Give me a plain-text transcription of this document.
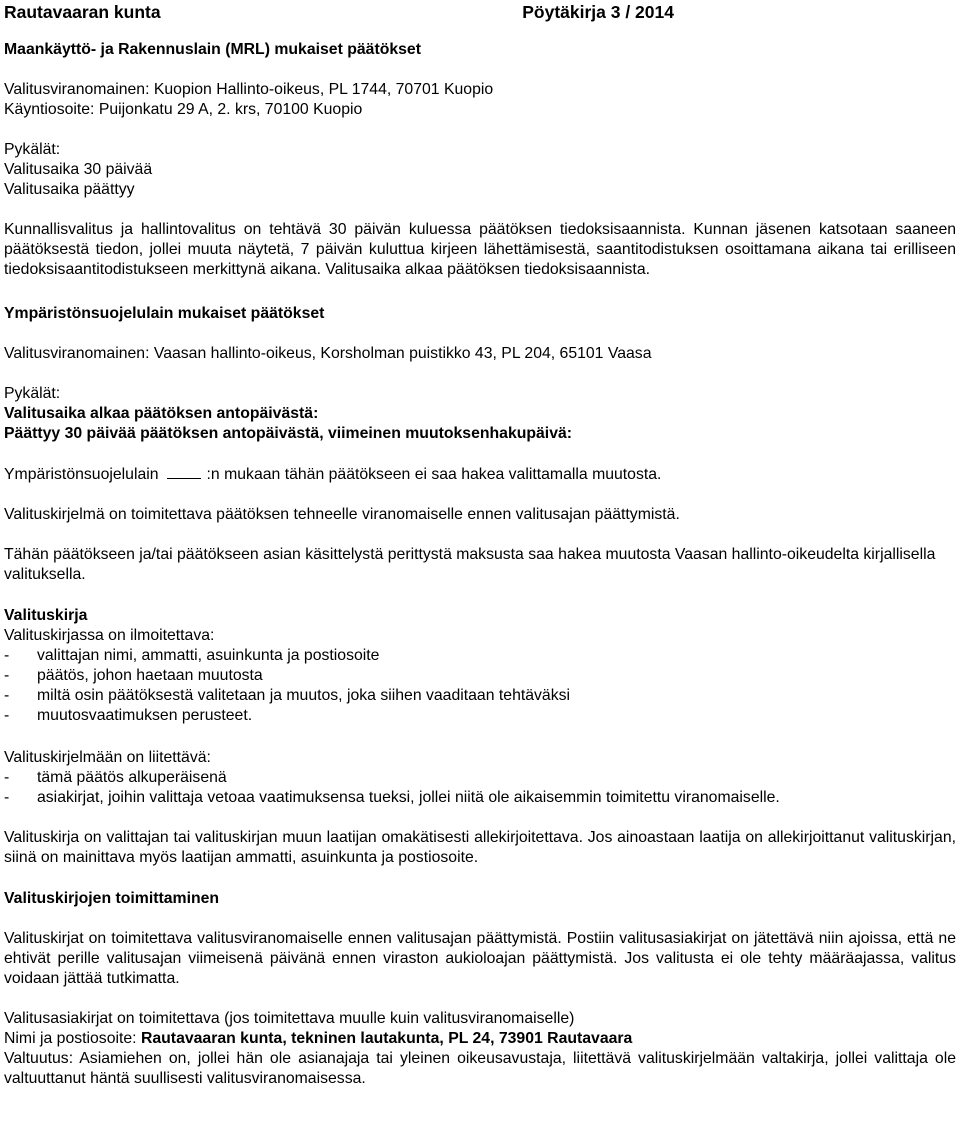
Rautavaaran kunta	Pöytäkirja 3 / 2014

Maankäyttö- ja Rakennuslain (MRL) mukaiset päätökset

Valitusviranomainen: Kuopion Hallinto-oikeus, PL 1744, 70701 Kuopio

Käyntiosoite: Puijonkatu 29 A, 2. krs, 70100 Kuopio

Pykälät:

Valitusaika 30 päivää

Valitusaika päättyy

Kunnallisvalitus ja hallintovalitus on tehtävä 30 päivän kuluessa päätöksen tiedoksisaannista. Kunnan jäsenen katsotaan saaneen päätöksestä tiedon, jollei muuta näytetä, 7 päivän kuluttua kirjeen lähettämisestä, saantitodistuksen osoittamana aikana tai erilliseen tiedoksisaantitodistukseen merkittynä aikana. Valitusaika alkaa päätöksen tiedoksisaannista.

Ympäristönsuojelulain mukaiset päätökset

Valitusviranomainen: Vaasan hallinto-oikeus, Korsholman puistikko 43, PL 204, 65101 Vaasa

Pykälät:

Valitusaika alkaa päätöksen antopäivästä:

Päättyy 30 päivää päätöksen antopäivästä, viimeinen muutoksenhakupäivä:

Ympäristönsuojelulain	:n mukaan tähän päätökseen ei saa hakea valittamalla muutosta.

Valituskirjelmä on toimitettava päätöksen tehneelle viranomaiselle ennen valitusajan päättymistä.

Tähän päätökseen ja/tai päätökseen asian käsittelystä perittystä maksusta saa hakea muutosta Vaasan hallinto-oikeudelta kirjallisella valituksella.

Valituskirja

Valituskirjassa on ilmoitettava:

-	valittajan nimi, ammatti, asuinkunta ja postiosoite
-	päätös, johon haetaan muutosta
-	miltä osin päätöksestä valitetaan ja muutos, joka siihen vaaditaan tehtäväksi
-	muutosvaatimuksen perusteet.

Valituskirjelmään on liitettävä:

-	tämä päätös alkuperäisenä
-	asiakirjat, joihin valittaja vetoaa vaatimuksensa tueksi, jollei niitä ole aikaisemmin toimitettu viranomaiselle.

Valituskirja on valittajan tai valituskirjan muun laatijan omakätisesti allekirjoitettava. Jos ainoastaan laatija on allekirjoittanut valituskirjan, siinä on mainittava myös laatijan ammatti, asuinkunta ja postiosoite.

Valituskirjojen toimittaminen

Valituskirjat on toimitettava valitusviranomaiselle ennen valitusajan päättymistä. Postiin valitusasiakirjat on jätettävä niin ajoissa, että ne ehtivät perille valitusajan viimeisenä päivänä ennen viraston aukioloajan päättymistä. Jos valitusta ei ole tehty määräajassa, valitus voidaan jättää tutkimatta.

Valitusasiakirjat on toimitettava (jos toimitettava muulle kuin valitusviranomaiselle)

Nimi ja postiosoite: Rautavaaran kunta, tekninen lautakunta, PL 24, 73901 Rautavaara

Valtuutus: Asiamiehen on, jollei hän ole asianajaja tai yleinen oikeusavustaja, liitettävä valituskirjelmään valtakirja, jollei valittaja ole valtuuttanut häntä suullisesti valitusviranomaisessa.
